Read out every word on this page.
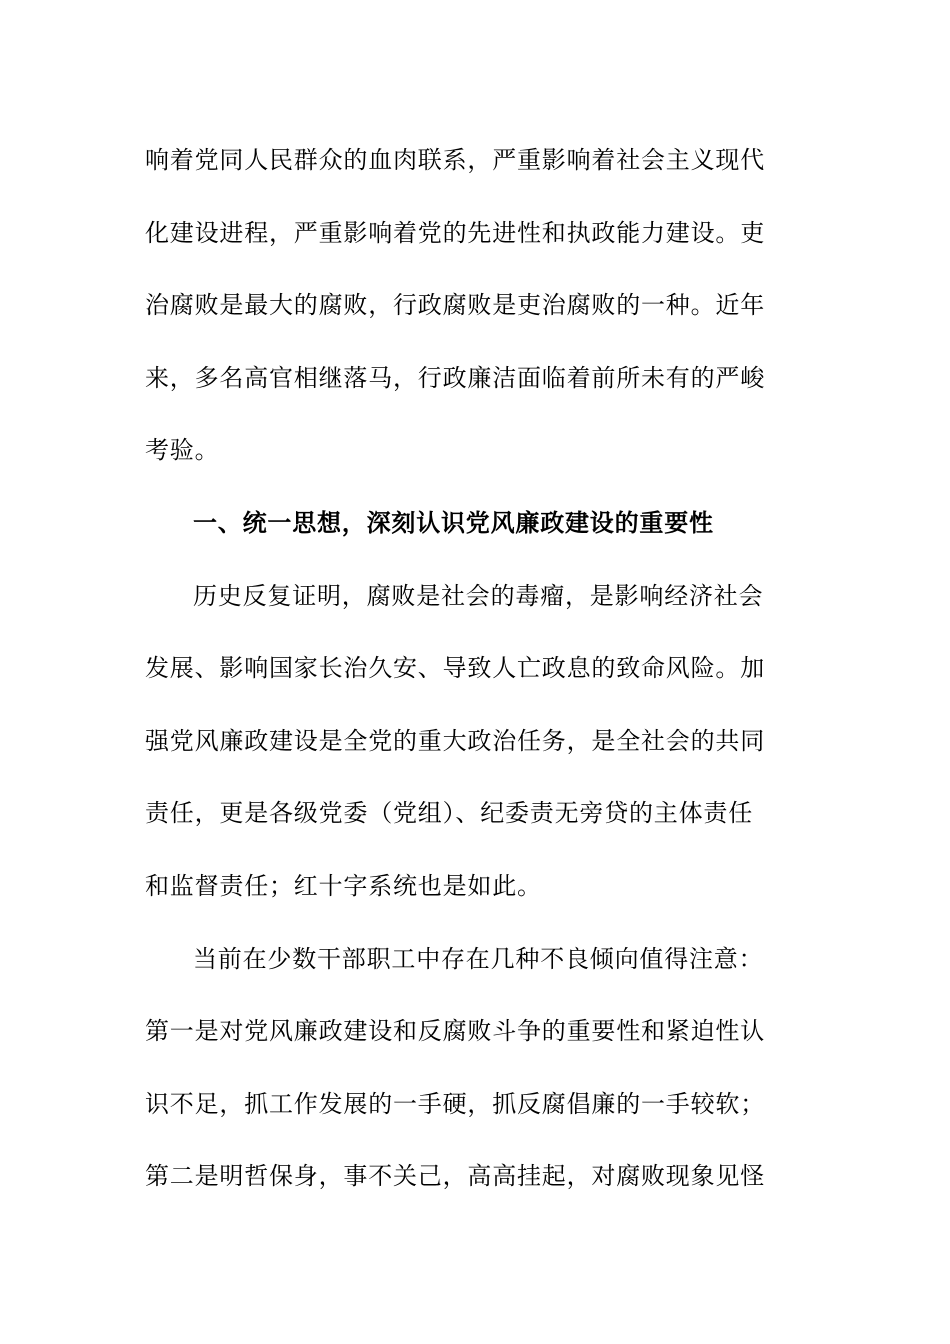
响着党同人民群众的血肉联系，严重影响着社会主义现代
化建设进程，严重影响着党的先进性和执政能力建设。吏
治腐败是最大的腐败，行政腐败是吏治腐败的一种。近年
来，多名高官相继落马，行政廉洁面临着前所未有的严峻
考验。

一、统一思想，深刻认识党风廉政建设的重要性

历史反复证明，腐败是社会的毒瘤，是影响经济社会
发展、影响国家长治久安、导致人亡政息的致命风险。加
强党风廉政建设是全党的重大政治任务，是全社会的共同
责任，更是各级党委（党组）、纪委责无旁贷的主体责任
和监督责任；红十字系统也是如此。

当前在少数干部职工中存在几种不良倾向值得注意：
第一是对党风廉政建设和反腐败斗争的重要性和紧迫性认
识不足，抓工作发展的一手硬，抓反腐倡廉的一手较软；
第二是明哲保身，事不关己，高高挂起，对腐败现象见怪
